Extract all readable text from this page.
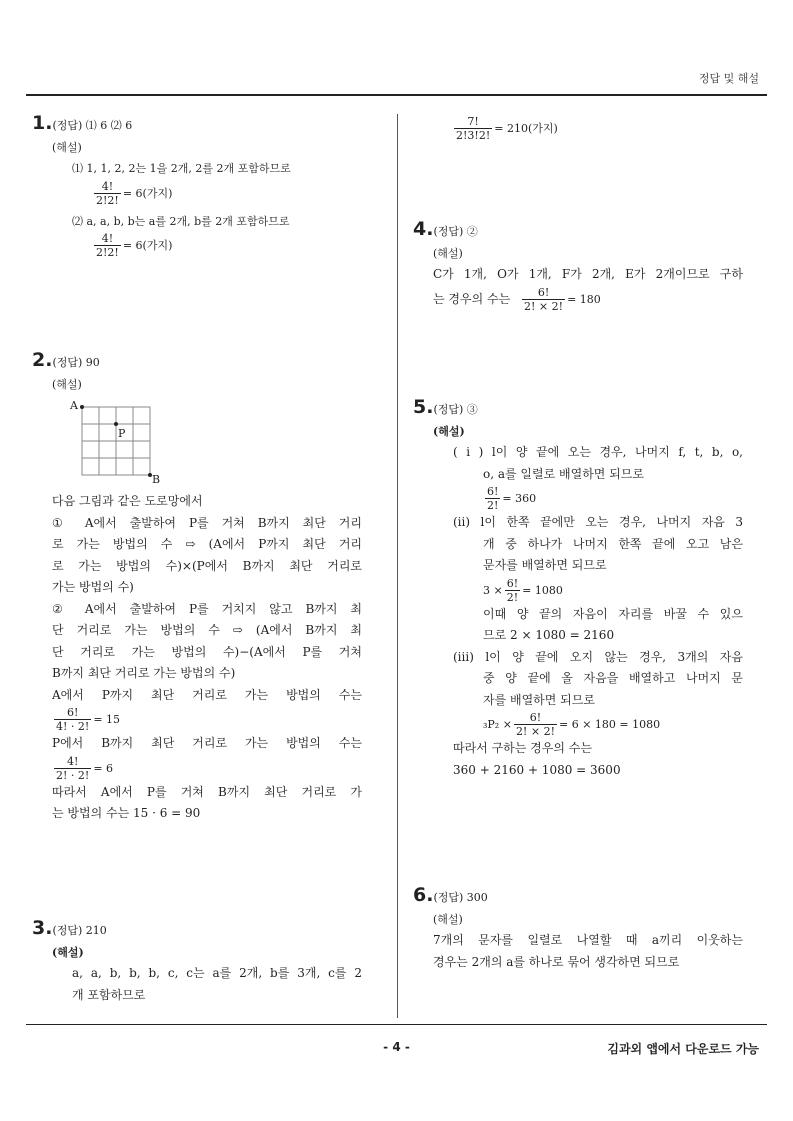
정답 및 해설
1.(정답) ⑴ 6 ⑵ 6
(해설)
⑴ 1, 1, 2, 2는 1을 2개, 2를 2개 포함하므로
$\frac{4!}{2!2!} = 6$(가지)
⑵ a, a, b, b는 a를 2개, b를 2개 포함하므로
$\frac{4!}{2!2!} = 6$(가지)
2.(정답) 90
(해설)
A
P
B
다음 그림과 같은 도로망에서
① A에서 출발하여 P를 거쳐 B까지 최단 거리
로 가는 방법의 수 ⇨ (A에서 P까지 최단 거리
로 가는 방법의 수)×(P에서 B까지 최단 거리로
가는 방법의 수)
② A에서 출발하여 P를 거치지 않고 B까지 최
단 거리로 가는 방법의 수 ⇨ (A에서 B까지 최
단 거리로 가는 방법의 수)−(A에서 P를 거쳐
B까지 최단 거리로 가는 방법의 수)
A에서 P까지 최단 거리로 가는 방법의 수는
$\frac{6!}{4! \cdot 2!} = 15$
P에서 B까지 최단 거리로 가는 방법의 수는
$\frac{4!}{2! \cdot 2!} = 6$
따라서 A에서 P를 거쳐 B까지 최단 거리로 가
는 방법의 수는 15 · 6 = 90
3.(정답) 210
(해설)
a, a, b, b, b, c, c는 a를 2개, b를 3개, c를 2
개 포함하므로
$\frac{7!}{2!3!2!} = 210$(가지)
4.(정답) ②
(해설)
C가 1개, O가 1개, F가 2개, E가 2개이므로 구하
는 경우의 수는 $\frac{6!}{2! \times 2!} = 180$
5.(정답) ③
(해설)
( i ) l이 양 끝에 오는 경우, 나머지 f, t, b, o,
o, a를 일렬로 배열하면 되므로
$\frac{6!}{2!} = 360$
(ii) l이 한쪽 끝에만 오는 경우, 나머지 자음 3
개 중 하나가 나머지 한쪽 끝에 오고 남은
문자를 배열하면 되므로
$3 \times \frac{6!}{2!} = 1080$
이때 양 끝의 자음이 자리를 바꿀 수 있으
므로 2 × 1080 = 2160
(iii) l이 양 끝에 오지 않는 경우, 3개의 자음
중 양 끝에 올 자음을 배열하고 나머지 문
자를 배열하면 되므로
$_3P_2 \times \frac{6!}{2! \times 2!} = 6 \times 180 = 1080$
따라서 구하는 경우의 수는
360 + 2160 + 1080 = 3600
6.(정답) 300
(해설)
7개의 문자를 일렬로 나열할 때 a끼리 이웃하는
경우는 2개의 a를 하나로 묶어 생각하면 되므로
- 4 -	김과외 앱에서 다운로드 가능
